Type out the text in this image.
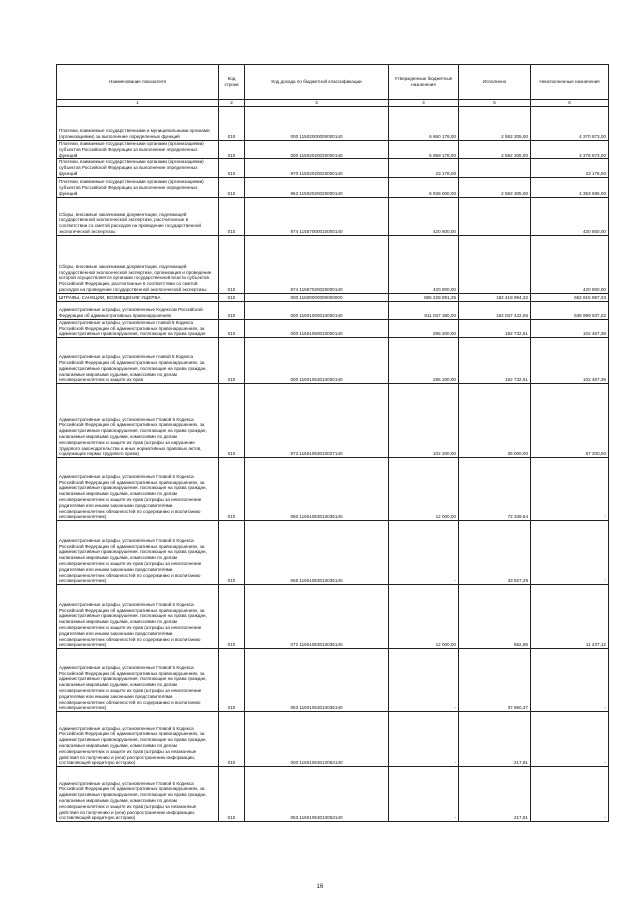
Наименование показателя	Код строки	Код дохода по бюджетной классификации	Утвержденные бюджетные назначения	Исполнено	Неисполненные назначения
1	2	3	4	5	6
Платежи, взимаемые государственными и муниципальными органами (организациями) за выполнение определенных функций	010	000 11502000000000140	6 660 178,00	2 582 305,00	4 370 873,00
Платежи, взимаемые государственными органами (организациями) субъектов Российской Федерации за выполнение определенных функций	010	000 11502020020000140	6 959 178,00	2 582 305,00	4 376 873,00
Платежи, взимаемые государственными органами (организациями) субъектов Российской Федерации за выполнение определенных функций	010	970 11502020020000140	23 178,00		23 178,00
Платежи, взимаемые государственными органами (организациями) субъектов Российской Федерации за выполнение определенных функций	010	962 11502020020000140	6 936 000,00	2 582 305,00	4 353 695,00
Сборы, вносимые заказчиками документации, подлежащей государственной экологической экспертизе, рассчитанные в соответствии со сметой расходов на проведение государственной экологической экспертизы	010	974 11557000010000140	420 800,00		420 800,00
Сборы, вносимые заказчиками документации, подлежащей государственной экологической экспертизе, организация и проведение которой осуществляется органами государственной власти субъектов Российской Федерации, рассчитанные в соответствии со сметой расходов на проведение государственной экологической экспертизы	010	974 11557020020000140	420 800,00		420 800,00
ШТРАФЫ, САНКЦИИ, ВОЗМЕЩЕНИЕ УЩЕРБА	010	000 11600000000000000	855 228 891,35	192 418 994,32	662 815 897,03
Административные штрафы, установленные Кодексом Российской Федерации об административных правонарушениях	010	000 11601000010000140	811 037 380,00	162 037 442,06	648 999 937,02
Административные штрафы, установленные главой 5 Кодекса Российской Федерации об административных правонарушениях, за административные правонарушения, посягающие на права граждан	010	000 11601050010000140	295 200,00	192 732,61	102 467,39
Административные штрафы, установленные главой 5 Кодекса Российской Федерации об административных правонарушениях, за административные правонарушения, посягающие на права граждан, налагаемые мировыми судьями, комиссиями по делам несовершеннолетних и защите их прав	010	000 11601053010000140	295 200,00	192 732,61	102 467,39
Административные штрафы, установленные Главой 5 Кодекса Российской Федерации об административных правонарушениях, за административные правонарушения, посягающие на права граждан, налагаемые мировыми судьями, комиссиями по делам несовершеннолетних и защите их прав (штрафы за нарушение трудового законодательства и иных нормативных правовых актов, содержащих нормы трудового права)	010	972 11601053010027140	102 200,00	35 000,00	67 200,00
Административные штрафы, установленные Главой 5 Кодекса Российской Федерации об административных правонарушениях, за административные правонарушения, посягающие на права граждан, налагаемые мировыми судьями, комиссиями по делам несовершеннолетних и защите их прав (штрафы за неисполнение родителями или иными законными представителями несовершеннолетних обязанностей по содержанию и воспитанию несовершеннолетних)	010	050 11601053010035140	12 000,00	72 349,54	-
Административные штрафы, установленные Главой 5 Кодекса Российской Федерации об административных правонарушениях, за административные правонарушения, посягающие на права граждан, налагаемые мировыми судьями, комиссиями по делам несовершеннолетних и защите их прав (штрафы за неисполнение родителями или иными законными представителями несовершеннолетних обязанностей по содержанию и воспитанию несовершеннолетних)	010	066 11601053010035140	-	33 827,29	-
Административные штрафы, установленные Главой 5 Кодекса Российской Федерации об административных правонарушениях, за административные правонарушения, посягающие на права граждан, налагаемые мировыми судьями, комиссиями по делам несовершеннолетних и защите их прав (штрафы за неисполнение родителями или иными законными представителями несовершеннолетних обязанностей по содержанию и воспитанию несовершеннолетних)	010	072 11601053010035140	12 000,00	562,88	11 437,12
Административные штрафы, установленные Главой 5 Кодекса Российской Федерации об административных правонарушениях, за административные правонарушения, посягающие на права граждан, налагаемые мировыми судьями, комиссиями по делам несовершеннолетних и защите их прав (штрафы за неисполнение родителями или иными законными представителями несовершеннолетних обязанностей по содержанию и воспитанию несовершеннолетних)	010	063 11601053010035140	-	37 850,37	-
Административные штрафы, установленные Главой 5 Кодекса Российской Федерации об административных правонарушениях, за административные правонарушения, посягающие на права граждан, налагаемые мировыми судьями, комиссиями по делам несовершеннолетних и защите их прав (штрафы за незаконные действия по получению и (или) распространению информации, составляющей кредитную историю)	010	000 11601053010063140	-	217,81	-
Административные штрафы, установленные Главой 5 Кодекса Российской Федерации об административных правонарушениях, за административные правонарушения, посягающие на права граждан, налагаемые мировыми судьями, комиссиями по делам несовершеннолетних и защите их прав (штрафы за незаконные действия по получению и (или) распространению информации, составляющей кредитную историю)	010	053 11601053010063140	-	217,81	-
16
